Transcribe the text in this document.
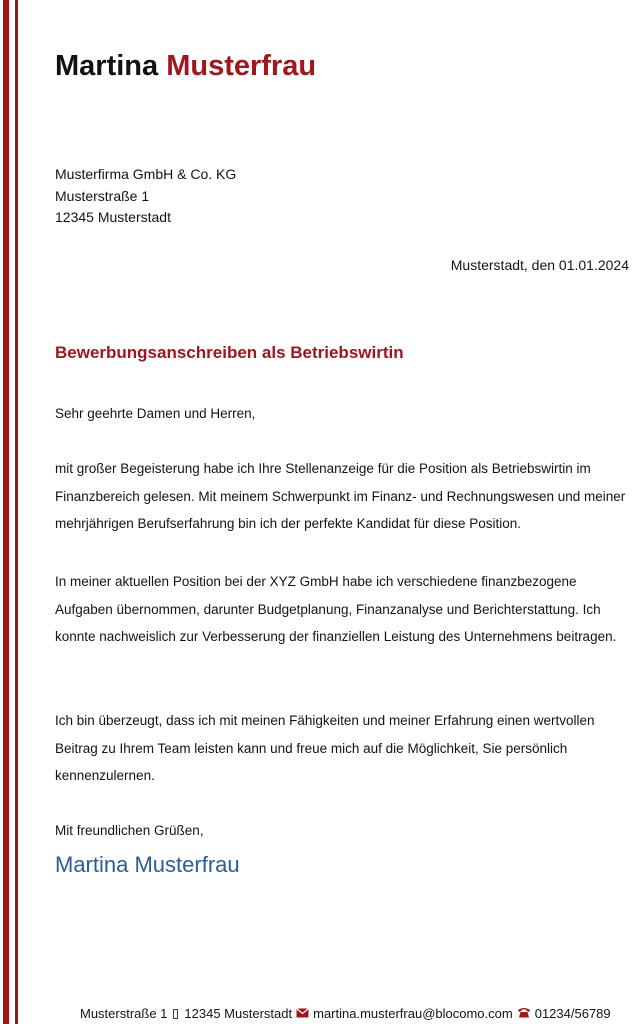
Martina Musterfrau
Musterfirma GmbH & Co. KG
Musterstraße 1
12345 Musterstadt
Musterstadt, den 01.01.2024
Bewerbungsanschreiben als Betriebswirtin
Sehr geehrte Damen und Herren,
mit großer Begeisterung habe ich Ihre Stellenanzeige für die Position als Betriebswirtin im Finanzbereich gelesen. Mit meinem Schwerpunkt im Finanz- und Rechnungswesen und meiner mehrjährigen Berufserfahrung bin ich der perfekte Kandidat für diese Position.
In meiner aktuellen Position bei der XYZ GmbH habe ich verschiedene finanzbezogene Aufgaben übernommen, darunter Budgetplanung, Finanzanalyse und Berichterstattung. Ich konnte nachweislich zur Verbesserung der finanziellen Leistung des Unternehmens beitragen.
Ich bin überzeugt, dass ich mit meinen Fähigkeiten und meiner Erfahrung einen wertvollen Beitrag zu Ihrem Team leisten kann und freue mich auf die Möglichkeit, Sie persönlich kennenzulernen.
Mit freundlichen Grüßen,
Martina Musterfrau
Musterstraße 1 12345 Musterstadt martina.musterfrau@blocomo.com 01234/56789
